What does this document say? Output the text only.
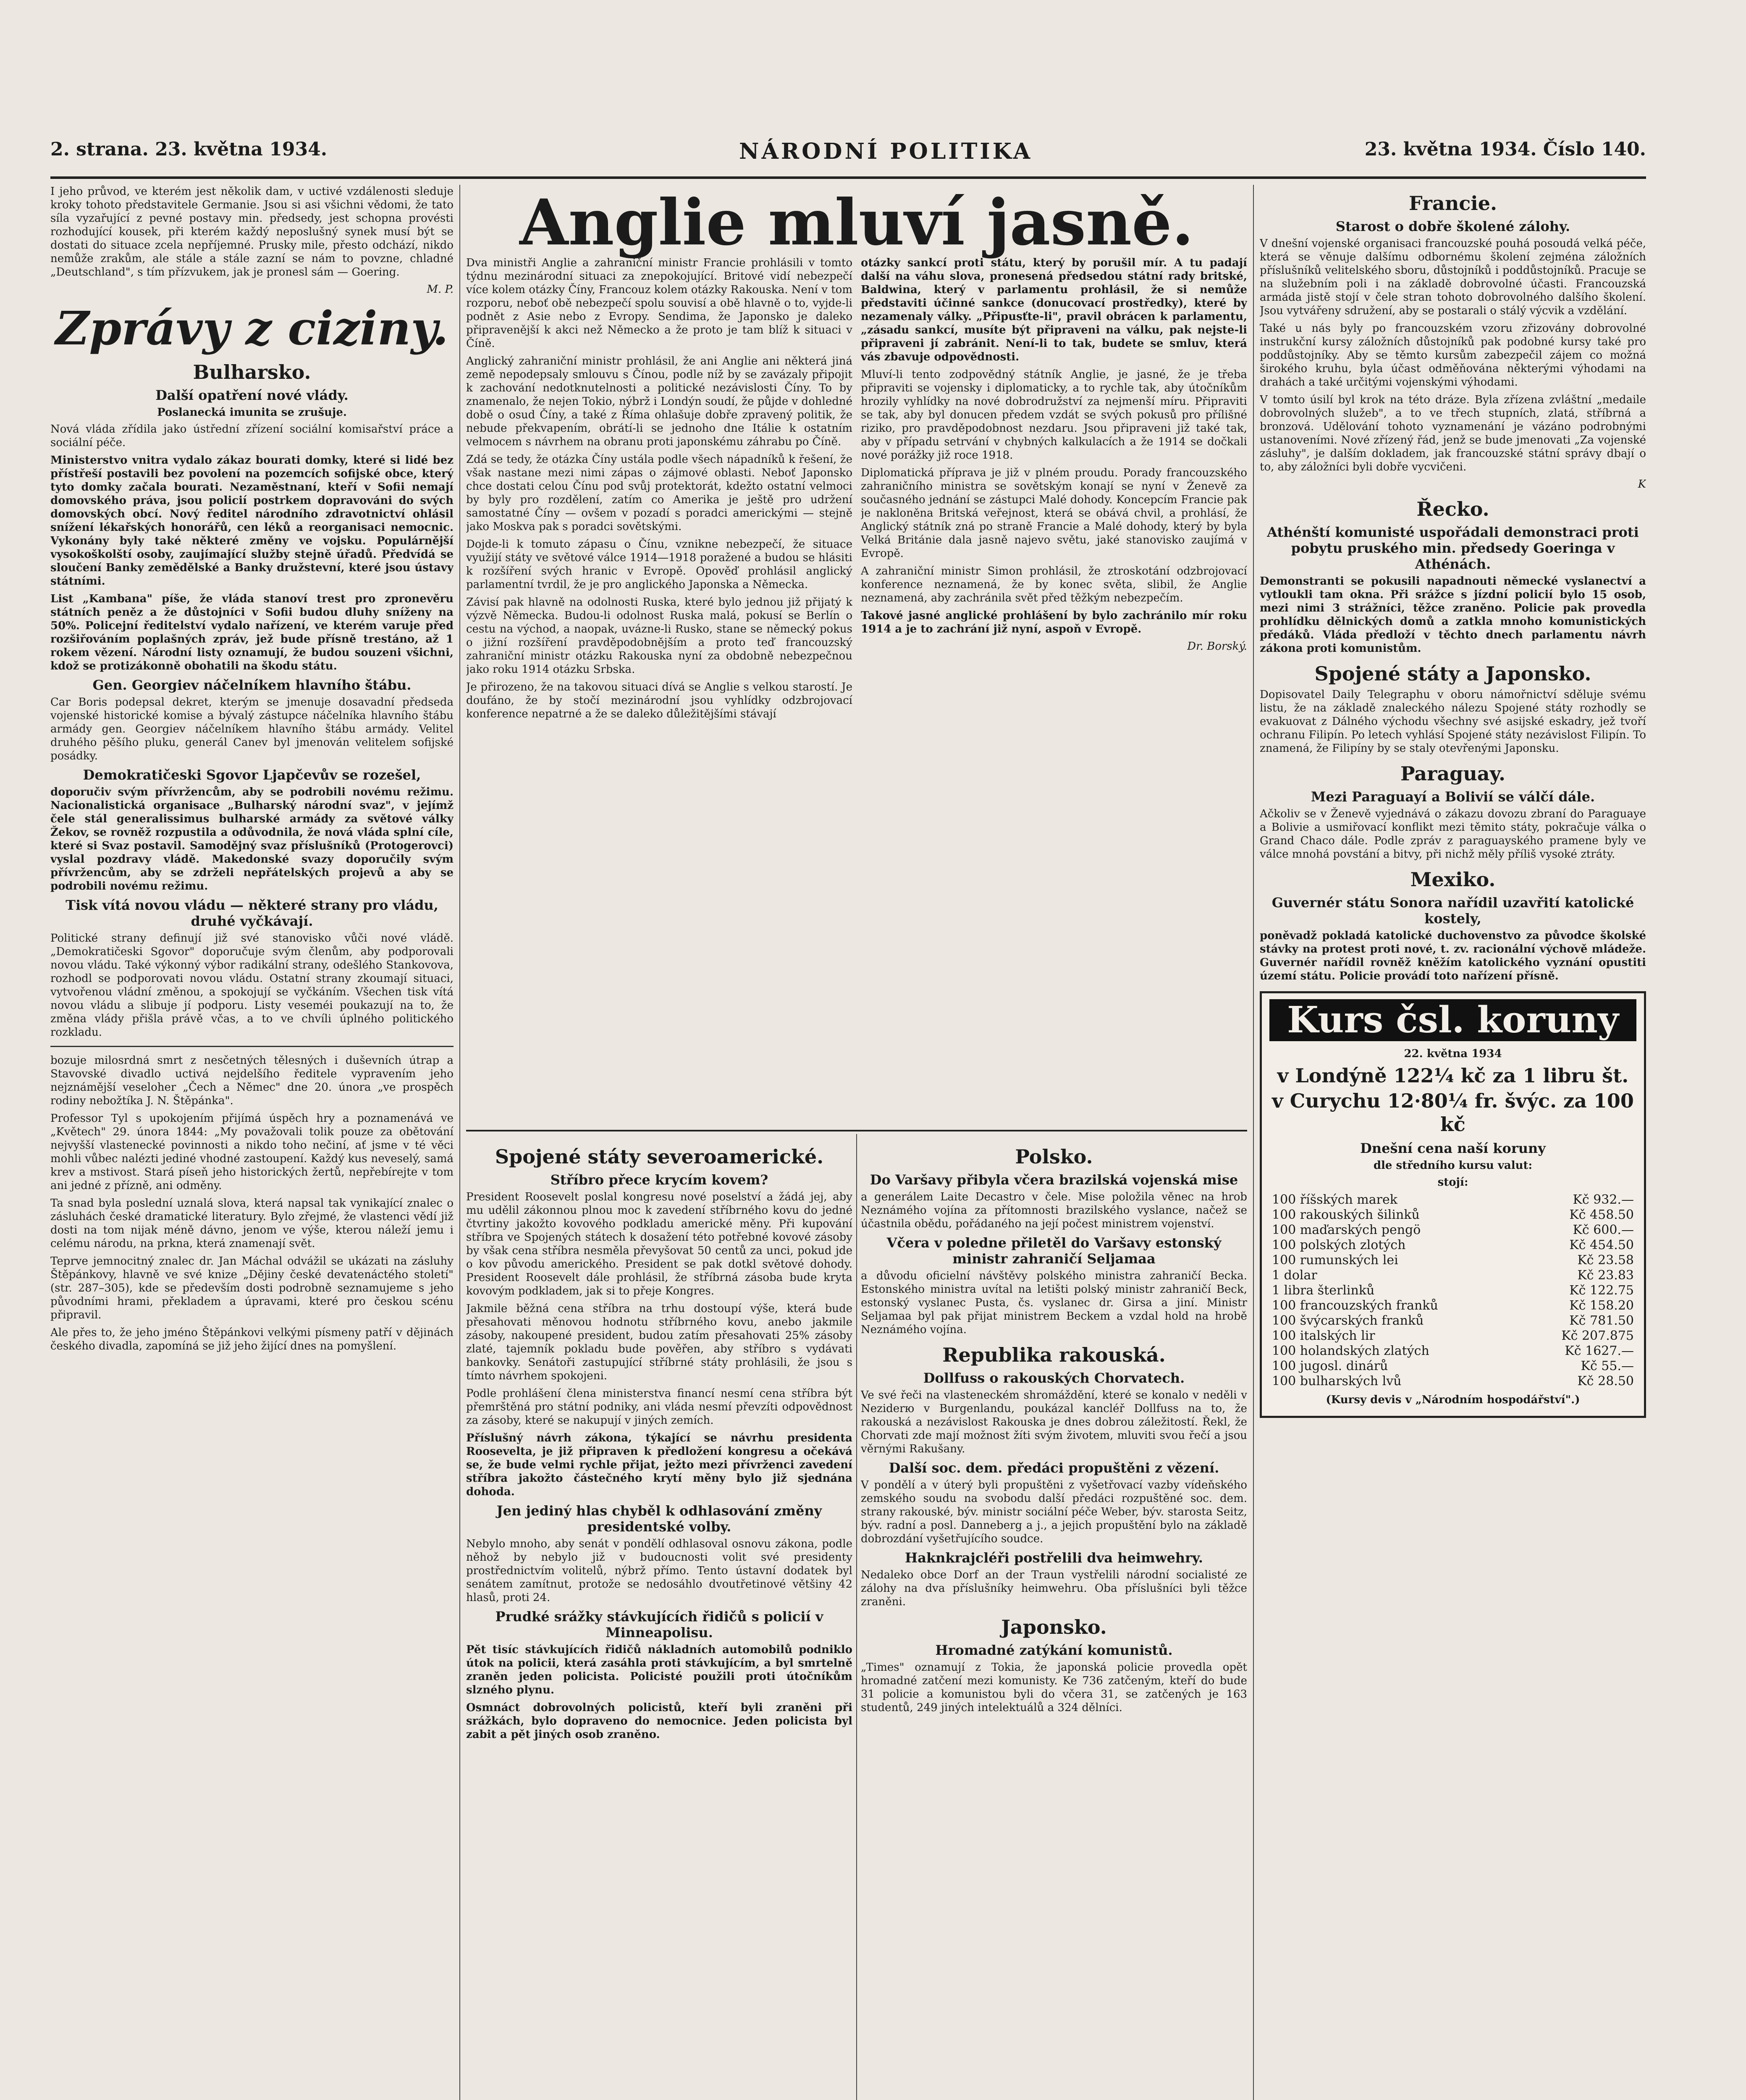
2. strana. 23. května 1934.	NÁRODNÍ POLITIKA	23. května 1934. Číslo 140.

I jeho průvod, ve kterém jest několik dam, v uctivé vzdálenosti sleduje kroky tohoto představitele Germanie. Jsou si asi všichni vědomi, že tato síla vyzařující z pevné postavy min. předsedy, jest schopna provésti rozhodující kousek, při kterém každý neposlušný synek musí být se dostati do situace zcela nepříjemné. Prusky mile, přesto odchází, nikdo nemůže zrakům, ale stále a stále zazní se nám to povzne, chladné „Deutschland", s tím přízvukem, jak je pronesl sám — Goering.

M. P.
Zprávy z ciziny.
Bulharsko.
Další opatření nové vlády.
Poslanecká imunita se zrušuje.

Nová vláda zřídila jako ústřední zřízení sociální komisařství práce a sociální péče.

Ministerstvo vnitra vydalo zákaz bourati domky, které si lidé bez přístřeší postavili bez povolení na pozemcích sofijské obce, který tyto domky začala bourati. Nezaměstnaní, kteří v Sofii nemají domovského práva, jsou policií postrkem dopravováni do svých domovských obcí. Nový ředitel národního zdravotnictví ohlásil snížení lékařských honorářů, cen léků a reorganisaci nemocnic. Vykonány byly také některé změny ve vojsku. Populárnější vysokoškolští osoby, zaujímající služby stejně úřadů. Předvídá se sloučení Banky zemědělské a Banky družstevní, které jsou ústavy státními.

List „Kambana" píše, že vláda stanoví trest pro zpronevěru státních peněz a že důstojníci v Sofii budou dluhy sníženy na 50%. Policejní ředitelství vydalo nařízení, ve kterém varuje před rozšiřováním poplašných zpráv, jež bude přísně trestáno, až 1 rokem vězení. Národní listy oznamují, že budou souzeni všichni, kdož se protizákonně obohatili na škodu státu.

Gen. Georgiev náčelníkem hlavního štábu.

Car Boris podepsal dekret, kterým se jmenuje dosavadní předseda vojenské historické komise a bývalý zástupce náčelníka hlavního štábu armády gen. Georgiev náčelníkem hlavního štábu armády. Velitel druhého pěšího pluku, generál Canev byl jmenován velitelem sofijské posádky.

Demokratičeski Sgovor Ljapčevův se rozešel,

doporučiv svým přívržencům, aby se podrobili novému režimu. Nacionalistická organisace „Bulharský národní svaz", v jejímž čele stál generalissimus bulharské armády za světové války Žekov, se rovněž rozpustila a odůvodnila, že nová vláda splní cíle, které si Svaz postavil. Samodějný svaz příslušníků (Protogerovci) vyslal pozdravy vládě. Makedonské svazy doporučily svým přívržencům, aby se zdrželi nepřátelských projevů a aby se podrobili novému režimu.

Tisk vítá novou vládu — některé strany pro vládu, druhé vyčkávají.

Politické strany definují již své stanovisko vůči nové vládě. „Demokratičeski Sgovor" doporučuje svým členům, aby podporovali novou vládu. Také výkonný výbor radikální strany, odešlého Stankovova, rozhodl se podporovati novou vládu. Ostatní strany zkoumají situaci, vytvořenou vládní změnou, a spokojují se vyčkáním. Všechen tisk vítá novou vládu a slibuje jí podporu. Listy veseméi poukazují na to, že změna vlády přišla právě včas, a to ve chvíli úplného politického rozkladu.

bozuje milosrdná smrt z nesčetných tělesných i duševních útrap a Stavovské divadlo uctivá nejdelšího ředitele vypravením jeho nejznámější veseloher „Čech a Němec" dne 20. února „ve prospěch rodiny nebožtíka J. N. Štěpánka".

Professor Tyl s upokojením přijímá úspěch hry a poznamenává ve „Květech" 29. února 1844: „My považovali tolik pouze za obětování nejvyšší vlastenecké povinnosti a nikdo toho nečiní, ať jsme v té věci mohli vůbec nalézti jediné vhodné zastoupení. Každý kus neveselý, samá krev a mstivost. Stará píseň jeho historických žertů, nepřebírejte v tom ani jedné z přízně, ani odměny.

Ta snad byla poslední uznalá slova, která napsal tak vynikající znalec o zásluhách české dramatické literatury. Bylo zřejmé, že vlastenci vědí již dosti na tom nijak méně dávno, jenom ve výše, kterou náleží jemu i celému národu, na prkna, která znamenají svět.

Teprve jemnocitný znalec dr. Jan Máchal odvážil se ukázati na zásluhy Štěpánkovy, hlavně ve své knize „Dějiny české devatenáctého století" (str. 287–305), kde se především dosti podrobně seznamujeme s jeho původními hrami, překladem a úpravami, které pro českou scénu připravil.

Ale přes to, že jeho jméno Štěpánkovi velkými písmeny patří v dějinách českého divadla, zapomíná se již jeho žijící dnes na pomyšlení.

Anglie mluví jasně.

Dva ministři Anglie a zahraniční ministr Francie prohlásili v tomto týdnu mezinárodní situaci za znepokojující. Britové vidí nebezpečí více kolem otázky Číny, Francouz kolem otázky Rakouska. Není v tom rozporu, neboť obě nebezpečí spolu souvisí a obě hlavně o to, vyjde-li podnět z Asie nebo z Evropy. Sendima, že Japonsko je daleko připravenější k akci než Německo a že proto je tam blíž k situaci v Číně.

Anglický zahraniční ministr prohlásil, že ani Anglie ani některá jiná země nepodepsaly smlouvu s Čínou, podle níž by se zavázaly připojit k zachování nedotknutelnosti a politické nezávislosti Číny. To by znamenalo, že nejen Tokio, nýbrž i Londýn soudí, že půjde v dohledné době o osud Číny, a také z Říma ohlašuje dobře zpravený politik, že nebude překvapením, obrátí-li se jednoho dne Itálie k ostatním velmocem s návrhem na obranu proti japonskému záhrabu po Číně.

Zdá se tedy, že otázka Číny ustála podle všech nápadníků k řešení, že však nastane mezi nimi zápas o zájmové oblasti. Neboť Japonsko chce dostati celou Čínu pod svůj protektorát, kdežto ostatní velmoci by byly pro rozdělení, zatím co Amerika je ještě pro udržení samostatné Číny — ovšem v pozadí s poradci americkými — stejně jako Moskva pak s poradci sovětskými.

Dojde-li k tomuto zápasu o Čínu, vznikne nebezpečí, že situace využijí státy ve světové válce 1914—1918 poražené a budou se hlásiti k rozšíření svých hranic v Evropě. Opověď prohlásil anglický parlamentní tvrdil, že je pro anglického Japonska a Německa.

Závisí pak hlavně na odolnosti Ruska, které bylo jednou již přijatý k výzvě Německa. Budou-li odolnost Ruska malá, pokusí se Berlín o cestu na východ, a naopak, uvázne-li Rusko, stane se německý pokus o jižní rozšíření pravděpodobnějším a proto teď francouzský zahraniční ministr otázku Rakouska nyní za obdobně nebezpečnou jako roku 1914 otázku Srbska.

Je přirozeno, že na takovou situaci dívá se Anglie s velkou starostí. Je doufáno, že by stočí mezinárodní jsou vyhlídky odzbrojovací konference nepatrné a že se daleko důležitějšími stávají

otázky sankcí proti státu, který by porušil mír. A tu padají další na váhu slova, pronesená předsedou státní rady britské, Baldwina, který v parlamentu prohlásil, že si nemůže představiti účinné sankce (donucovací prostředky), které by nezamenaly války. „Připusťte-li", pravil obrácen k parlamentu, „zásadu sankcí, musíte být připraveni na válku, pak nejste-li připraveni jí zabránit. Není-li to tak, budete se smluv, která vás zbavuje odpovědnosti.

Mluví-li tento zodpovědný státník Anglie, je jasné, že je třeba připraviti se vojensky i diplomaticky, a to rychle tak, aby útočníkům hrozily vyhlídky na nové dobrodružství za nejmenší míru. Připraviti se tak, aby byl donucen předem vzdát se svých pokusů pro přílišné riziko, pro pravděpodobnost nezdaru. Jsou připraveni již také tak, aby v případu setrvání v chybných kalkulacích a že 1914 se dočkali nové porážky již roce 1918.

Diplomatická příprava je již v plném proudu. Porady francouzského zahraničního ministra se sovětským konají se nyní v Ženevě za současného jednání se zástupci Malé dohody. Koncepcím Francie pak je nakloněna Britská veřejnost, která se obává chvil, a prohlásí, že Anglický státník zná po straně Francie a Malé dohody, který by byla Velká Británie dala jasně najevo světu, jaké stanovisko zaujímá v Evropě.

A zahraniční ministr Simon prohlásil, že ztroskotání odzbrojovací konference neznamená, že by konec světa, slibil, že Anglie neznamená, aby zachránila svět před těžkým nebezpečím.

Takové jasné anglické prohlášení by bylo zachránilo mír roku 1914 a je to zachrání již nyní, aspoň v Evropě.

Dr. Borský.
Spojené státy severoamerické.
Stříbro přece krycím kovem?

President Roosevelt poslal kongresu nové poselství a žádá jej, aby mu udělil zákonnou plnou moc k zavedení stříbrného kovu do jedné čtvrtiny jakožto kovového podkladu americké měny. Při kupování stříbra ve Spojených státech k dosažení této potřebné kovové zásoby by však cena stříbra nesměla převyšovat 50 centů za unci, pokud jde o kov původu amerického. President se pak dotkl světové dohody. President Roosevelt dále prohlásil, že stříbrná zásoba bude kryta kovovým podkladem, jak si to přeje Kongres.

Jakmile běžná cena stříbra na trhu dostoupí výše, která bude přesahovati měnovou hodnotu stříbrného kovu, anebo jakmile zásoby, nakoupené president, budou zatím přesahovati 25% zásoby zlaté, tajemník pokladu bude pověřen, aby stříbro s vydávati bankovky. Senátoři zastupující stříbrné státy prohlásili, že jsou s tímto návrhem spokojeni.

Podle prohlášení člena ministerstva financí nesmí cena stříbra být přemrštěná pro státní podniky, ani vláda nesmí převzíti odpovědnost za zásoby, které se nakupují v jiných zemích.

Příslušný návrh zákona, týkající se návrhu presidenta Roosevelta, je již připraven k předložení kongresu a očekává se, že bude velmi rychle přijat, ježto mezi přívrženci zavedení stříbra jakožto částečného krytí měny bylo již sjednána dohoda.

Jen jediný hlas chyběl k odhlasování změny presidentské volby.

Nebylo mnoho, aby senát v pondělí odhlasoval osnovu zákona, podle něhož by nebylo již v budoucnosti volit své presidenty prostřednictvím volitelů, nýbrž přímo. Tento ústavní dodatek byl senátem zamítnut, protože se nedosáhlo dvoutřetinové většiny 42 hlasů, proti 24.

Prudké srážky stávkujících řidičů s policií v Minneapolisu.

Pět tisíc stávkujících řidičů nákladních automobilů podniklo útok na policii, která zasáhla proti stávkujícím, a byl smrtelně zraněn jeden policista. Policisté použili proti útočníkům slzného plynu.

Osmnáct dobrovolných policistů, kteří byli zraněni při srážkách, bylo dopraveno do nemocnice. Jeden policista byl zabit a pět jiných osob zraněno.

Polsko.
Do Varšavy přibyla včera brazilská vojenská mise

a generálem Laite Decastro v čele. Mise položila věnec na hrob Neznámého vojína za přítomnosti brazilského vyslance, načež se účastnila obědu, pořádaného na její počest ministrem vojenství.

Včera v poledne přiletěl do Varšavy estonský ministr zahraničí Seljamaa

a důvodu oficielní návštěvy polského ministra zahraničí Becka. Estonského ministra uvítal na letišti polský ministr zahraničí Beck, estonský vyslanec Pusta, čs. vyslanec dr. Girsa a jiní. Ministr Seljamaa byl pak přijat ministrem Beckem a vzdal hold na hrobě Neznámého vojína.

Republika rakouská.
Dollfuss o rakouských Chorvatech.

Ve své řeči na vlasteneckém shromáždění, které se konalo v neděli v Neziderю v Burgenlandu, poukázal kancléř Dollfuss na to, že rakouská a nezávislost Rakouska je dnes dobrou záležitostí. Řekl, že Chorvati zde mají možnost žíti svým životem, mluviti svou řečí a jsou věrnými Rakušany.

Další soc. dem. předáci propuštěni z vězení.

V pondělí a v úterý byli propuštěni z vyšetřovací vazby vídeňského zemského soudu na svobodu další předáci rozpuštěné soc. dem. strany rakouské, býv. ministr sociální péče Weber, býv. starosta Seitz, býv. radní a posl. Danneberg a j., a jejich propuštění bylo na základě dobrozdání vyšetřujícího soudce.

Haknkrajcléři postřelili dva heimwehry.

Nedaleko obce Dorf an der Traun vystřelili národní socialisté ze zálohy na dva příslušníky heimwehru. Oba příslušníci byli těžce zraněni.

Japonsko.
Hromadné zatýkání komunistů.

„Times" oznamují z Tokia, že japonská policie provedla opět hromadné zatčení mezi komunisty. Ke 736 zatčeným, kteří do bude 31 policie a komunistou byli do včera 31, se zatčených je 163 studentů, 249 jiných intelektuálů a 324 dělníci.

Francie.
Starost o dobře školené zálohy.

V dnešní vojenské organisaci francouzské pouhá posoudá velká péče, která se věnuje dalšímu odbornému školení zejména záložních příslušníků velitelského sboru, důstojníků i poddůstojníků. Pracuje se na služebním poli i na základě dobrovolné účasti. Francouzská armáda jistě stojí v čele stran tohoto dobrovolného dalšího školení. Jsou vytvářeny sdružení, aby se postarali o stálý výcvik a vzdělání.

Také u nás byly po francouzském vzoru zřizovány dobrovolné instrukční kursy záložních důstojníků pak podobné kursy také pro poddůstojníky. Aby se těmto kursům zabezpečil zájem co možná širokého kruhu, byla účast odměňována některými výhodami na drahách a také určitými vojenskými výhodami.

V tomto úsilí byl krok na této dráze. Byla zřízena zvláštní „medaile dobrovolných služeb", a to ve třech stupních, zlatá, stříbrná a bronzová. Udělování tohoto vyznamenání je vázáno podrobnými ustanoveními. Nové zřízený řád, jenž se bude jmenovati „Za vojenské zásluhy", je dalším dokladem, jak francouzské státní správy dbají o to, aby záložníci byli dobře vycvičeni.

K
Řecko.
Athénští komunisté uspořádali demonstraci proti pobytu pruského min. předsedy Goeringa v Athénách.

Demonstranti se pokusili napadnouti německé vyslanectví a vytloukli tam okna. Při srážce s jízdní policií bylo 15 osob, mezi nimi 3 strážníci, těžce zraněno. Policie pak provedla prohlídku dělnických domů a zatkla mnoho komunistických předáků. Vláda předloží v těchto dnech parlamentu návrh zákona proti komunistům.

Spojené státy a Japonsko.

Dopisovatel Daily Telegraphu v oboru námořnictví sděluje svému listu, že na základě znaleckého nálezu Spojené státy rozhodly se evakuovat z Dálného východu všechny své asijské eskadry, jež tvoří ochranu Filipín. Po letech vyhlásí Spojené státy nezávislost Filipín. To znamená, že Filipíny by se staly otevřenými Japonsku.

Paraguay.
Mezi Paraguayí a Bolivií se válčí dále.

Ačkoliv se v Ženevě vyjednává o zákazu dovozu zbraní do Paraguaye a Bolivie a usmiřovací konflikt mezi těmito státy, pokračuje válka o Grand Chaco dále. Podle zpráv z paraguayského pramene byly ve válce mnohá povstání a bitvy, při nichž měly příliš vysoké ztráty.

Mexiko.
Guvernér státu Sonora nařídil uzavřití katolické kostely,

poněvadž pokladá katolické duchovenstvo za původce školské stávky na protest proti nové, t. zv. racionální výchově mládeže. Guvernér nařídil rovněž kněžím katolického vyznání opustiti území státu. Policie provádí toto nařízení přísně.

Kurs čsl. koruny
22. května 1934
v Londýně 122¼ kč za 1 libru št.
v Curychu 12·80¼ fr. švýc. za 100 kč
Dnešní cena naší koruny
dle středního kursu valut:
stojí:
100 říšských marek	Kč 932.—
100 rakouských šilinků	Kč 458.50
100 maďarských pengö	Kč 600.—
100 polských zlotých	Kč 454.50
100 rumunských lei	Kč 23.58
1 dolar	Kč 23.83
1 libra šterlinků	Kč 122.75
100 francouzských franků	Kč 158.20
100 švýcarských franků	Kč 781.50
100 italských lir	Kč 207.875
100 holandských zlatých	Kč 1627.—
100 jugosl. dinárů	Kč 55.—
100 bulharských lvů	Kč 28.50
(Kursy devis v „Národním hospodářství".)
